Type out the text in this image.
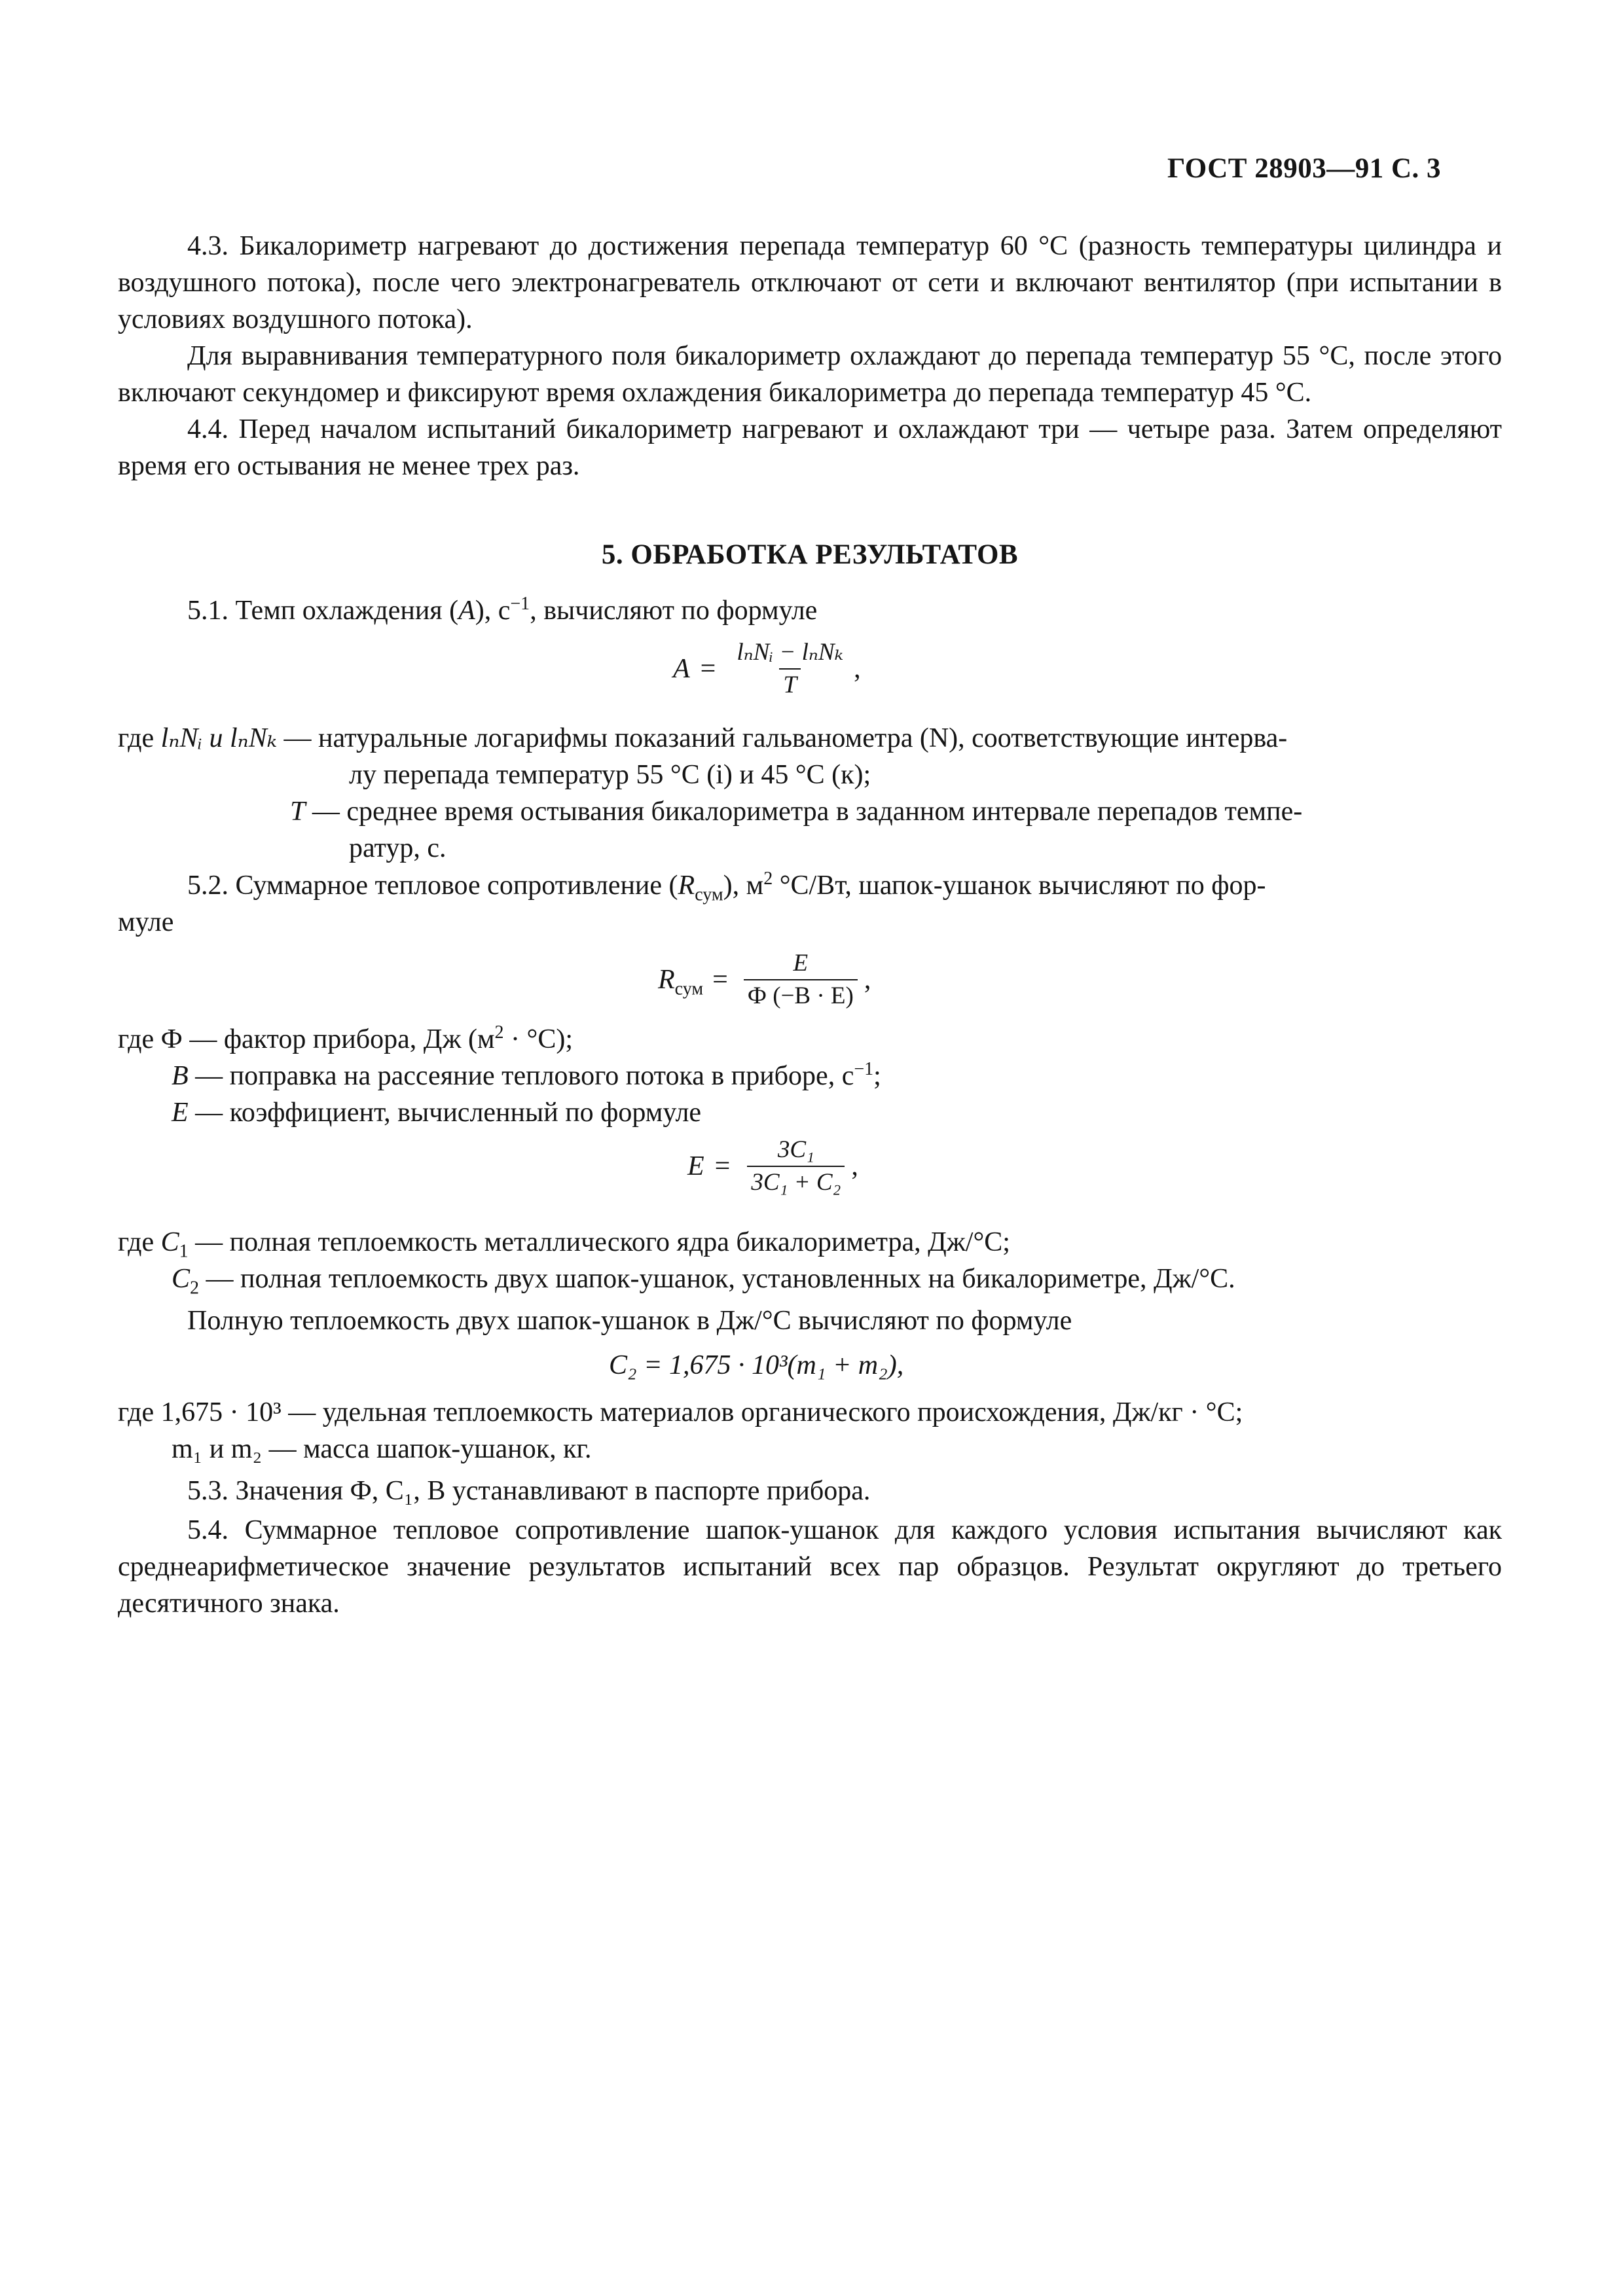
ГОСТ 28903—91 С. 3

4.3. Бикалориметр нагревают до достижения перепада температур 60 °С (разность температуры цилиндра и воздушного потока), после чего электронагреватель отключают от сети и включают вентилятор (при испытании в условиях воздушного потока).

Для выравнивания температурного поля бикалориметр охлаждают до перепада температур 55 °С, после этого включают секундомер и фиксируют время охлаждения бикалориметра до перепада температур 45 °С.

4.4. Перед началом испытаний бикалориметр нагревают и охлаждают три — четыре раза. Затем определяют время его остывания не менее трех раз.

5. ОБРАБОТКА РЕЗУЛЬТАТОВ
5.1. Темп охлаждения (A), $с^{-1}$, вычисляют по формуле
$A = \frac{\text{lₙNᵢ − lₙNₖ}}{T}$ ,
где lₙNᵢ и lₙNₖ — натуральные логарифмы показаний гальванометра (N), соответствующие интерва-
лу перепада температур 55 °С (i) и 45 °С (к);
T — среднее время остывания бикалориметра в заданном интервале перепадов темпе-
ратур, с.
5.2. Суммарное тепловое сопротивление $(R_{сум})$, $м^2$ °С/Вт, шапок-ушанок вычисляют по фор-
муле
$R_{сум} = \frac{E}{Ф (-B \cdot E)}$ ,
где Ф — фактор прибора, Дж $(м^2 \cdot ^\circ С)$;
B — поправка на рассеяние теплового потока в приборе, $с^{-1}$;
E — коэффициент, вычисленный по формуле
$E = \frac{\text{3C₁}}{\text{3C₁ + C₂}}$ ,
где $C_1$ — полная теплоемкость металлического ядра бикалориметра, Дж/°С;
$C_2$ — полная теплоемкость двух шапок-ушанок, установленных на бикалориметре, Дж/°С.
Полную теплоемкость двух шапок-ушанок в Дж/°С вычисляют по формуле
C₂ = 1,675 · 10³(m₁ + m₂),
где 1,675 · 10³ — удельная теплоемкость материалов органического происхождения, Дж/кг · °С;
m₁ и m₂ — масса шапок-ушанок, кг.
5.3. Значения Ф, C₁, B устанавливают в паспорте прибора.

5.4. Суммарное тепловое сопротивление шапок-ушанок для каждого условия испытания вычисляют как среднеарифметическое значение результатов испытаний всех пар образцов. Результат округляют до третьего десятичного знака.
